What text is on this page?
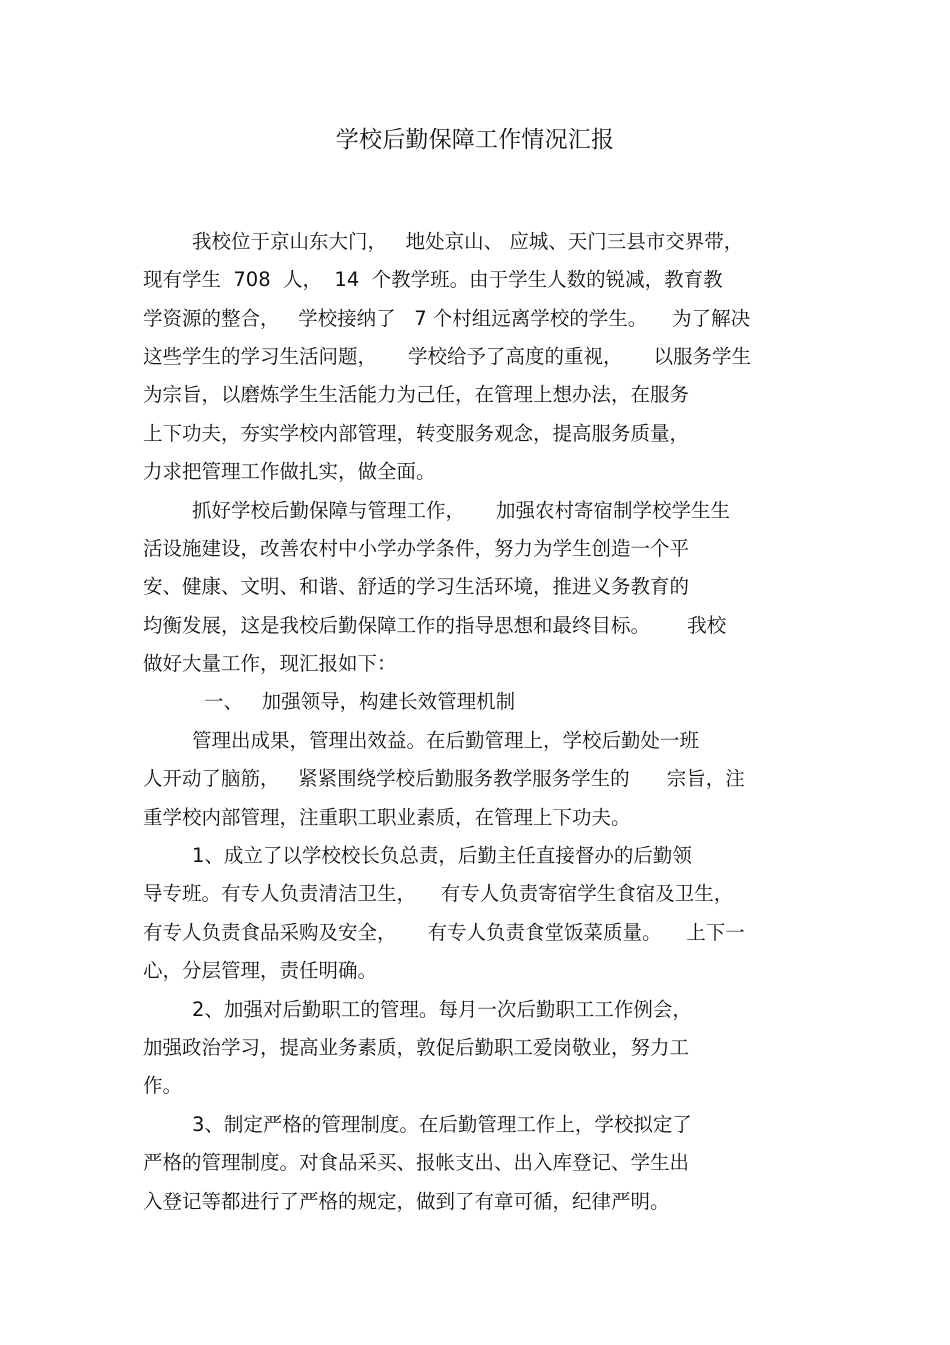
学校后勤保障工作情况汇报
我校位于京山东大门，   地处京山、 应城、天门三县市交界带，
现有学生  708  人，  14  个教学班。由于学生人数的锐减，教育教
学资源的整合，   学校接纳了   7 个村组远离学校的学生。    为了解决
这些学生的学习生活问题，     学校给予了高度的重视，     以服务学生
为宗旨，以磨炼学生生活能力为己任，在管理上想办法，在服务
上下功夫，夯实学校内部管理，转变服务观念，提高服务质量，
力求把管理工作做扎实，做全面。
抓好学校后勤保障与管理工作，     加强农村寄宿制学校学生生
活设施建设，改善农村中小学办学条件，努力为学生创造一个平
安、健康、文明、和谐、舒适的学习生活环境，推进义务教育的
均衡发展，这是我校后勤保障工作的指导思想和最终目标。      我校
做好大量工作，现汇报如下：
一、   加强领导，构建长效管理机制
管理出成果，管理出效益。在后勤管理上，学校后勤处一班
人开动了脑筋，   紧紧围绕学校后勤服务教学服务学生的      宗旨，注
重学校内部管理，注重职工职业素质，在管理上下功夫。
1、成立了以学校校长负总责，后勤主任直接督办的后勤领
导专班。有专人负责清洁卫生，    有专人负责寄宿学生食宿及卫生，
有专人负责食品采购及安全，     有专人负责食堂饭菜质量。    上下一
心，分层管理，责任明确。
2、加强对后勤职工的管理。每月一次后勤职工工作例会，
加强政治学习，提高业务素质，敦促后勤职工爱岗敬业，努力工
作。
3、制定严格的管理制度。在后勤管理工作上，学校拟定了
严格的管理制度。对食品采买、报帐支出、出入库登记、学生出
入登记等都进行了严格的规定，做到了有章可循，纪律严明。
